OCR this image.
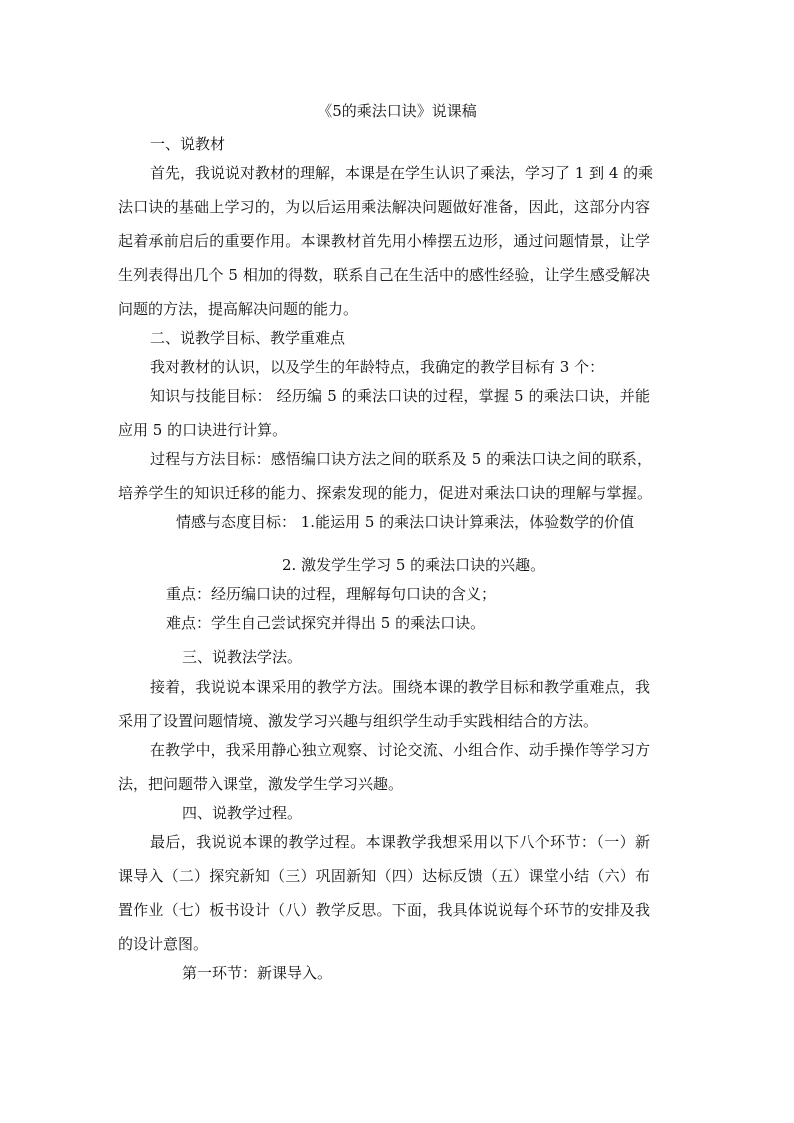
《5的乘法口诀》说课稿
一、说教材
首先，我说说对教材的理解，本课是在学生认识了乘法，学习了 1 到 4 的乘
法口诀的基础上学习的，为以后运用乘法解决问题做好准备，因此，这部分内容
起着承前启后的重要作用。本课教材首先用小棒摆五边形，通过问题情景，让学
生列表得出几个 5 相加的得数，联系自己在生活中的感性经验，让学生感受解决
问题的方法，提高解决问题的能力。
二、说教学目标、教学重难点
我对教材的认识，以及学生的年龄特点，我确定的教学目标有 3 个：
知识与技能目标： 经历编 5 的乘法口诀的过程，掌握 5 的乘法口诀，并能
应用 5 的口诀进行计算。
过程与方法目标：感悟编口诀方法之间的联系及 5 的乘法口诀之间的联系，
培养学生的知识迁移的能力、探索发现的能力，促进对乘法口诀的理解与掌握。
情感与态度目标： 1.能运用 5 的乘法口诀计算乘法，体验数学的价值
2. 激发学生学习 5 的乘法口诀的兴趣。
重点：经历编口诀的过程，理解每句口诀的含义；
难点：学生自己尝试探究并得出 5 的乘法口诀。
三、说教法学法。
接着，我说说本课采用的教学方法。围绕本课的教学目标和教学重难点，我
采用了设置问题情境、激发学习兴趣与组织学生动手实践相结合的方法。
在教学中，我采用静心独立观察、讨论交流、小组合作、动手操作等学习方
法，把问题带入课堂，激发学生学习兴趣。
四、说教学过程。
最后，我说说本课的教学过程。本课教学我想采用以下八个环节：（一）新
课导入（二）探究新知（三）巩固新知（四）达标反馈（五）课堂小结（六）布
置作业（七）板书设计（八）教学反思。下面，我具体说说每个环节的安排及我
的设计意图。
第一环节：新课导入。
